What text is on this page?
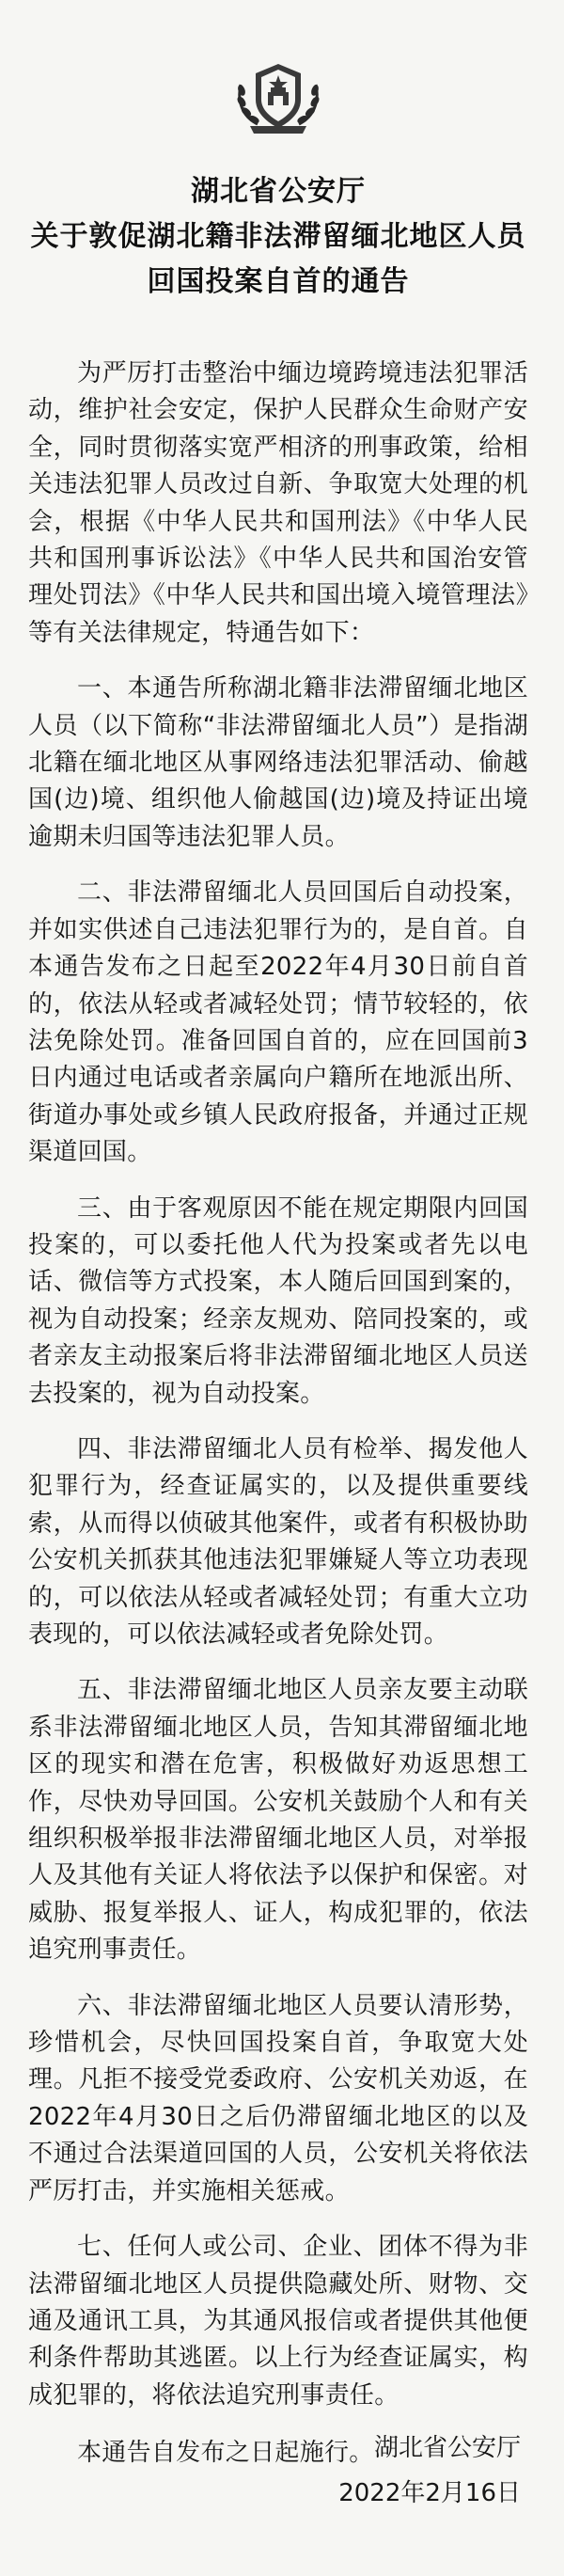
湖北省公安厅
关于敦促湖北籍非法滞留缅北地区人员
回国投案自首的通告

为严厉打击整治中缅边境跨境违法犯罪活动，维护社会安定，保护人民群众生命财产安全，同时贯彻落实宽严相济的刑事政策，给相关违法犯罪人员改过自新、争取宽大处理的机会，根据《中华人民共和国刑法》《中华人民共和国刑事诉讼法》《中华人民共和国治安管理处罚法》《中华人民共和国出境入境管理法》等有关法律规定，特通告如下：

一、本通告所称湖北籍非法滞留缅北地区人员（以下简称“非法滞留缅北人员”）是指湖北籍在缅北地区从事网络违法犯罪活动、偷越国(边)境、组织他人偷越国(边)境及持证出境逾期未归国等违法犯罪人员。

二、非法滞留缅北人员回国后自动投案，并如实供述自己违法犯罪行为的，是自首。自本通告发布之日起至2022年4月30日前自首的，依法从轻或者减轻处罚；情节较轻的，依法免除处罚。准备回国自首的，应在回国前3日内通过电话或者亲属向户籍所在地派出所、街道办事处或乡镇人民政府报备，并通过正规渠道回国。

三、由于客观原因不能在规定期限内回国投案的，可以委托他人代为投案或者先以电话、微信等方式投案，本人随后回国到案的，视为自动投案；经亲友规劝、陪同投案的，或者亲友主动报案后将非法滞留缅北地区人员送去投案的，视为自动投案。

四、非法滞留缅北人员有检举、揭发他人犯罪行为，经查证属实的，以及提供重要线索，从而得以侦破其他案件，或者有积极协助公安机关抓获其他违法犯罪嫌疑人等立功表现的，可以依法从轻或者减轻处罚；有重大立功表现的，可以依法减轻或者免除处罚。

五、非法滞留缅北地区人员亲友要主动联系非法滞留缅北地区人员，告知其滞留缅北地区的现实和潜在危害，积极做好劝返思想工作，尽快劝导回国。公安机关鼓励个人和有关组织积极举报非法滞留缅北地区人员，对举报人及其他有关证人将依法予以保护和保密。对威胁、报复举报人、证人，构成犯罪的，依法追究刑事责任。

六、非法滞留缅北地区人员要认清形势，珍惜机会，尽快回国投案自首，争取宽大处理。凡拒不接受党委政府、公安机关劝返，在2022年4月30日之后仍滞留缅北地区的以及不通过合法渠道回国的人员，公安机关将依法严厉打击，并实施相关惩戒。

七、任何人或公司、企业、团体不得为非法滞留缅北地区人员提供隐藏处所、财物、交通及通讯工具，为其通风报信或者提供其他便利条件帮助其逃匿。以上行为经查证属实，构成犯罪的，将依法追究刑事责任。

本通告自发布之日起施行。 湖北省公安厅
2022年2月16日
